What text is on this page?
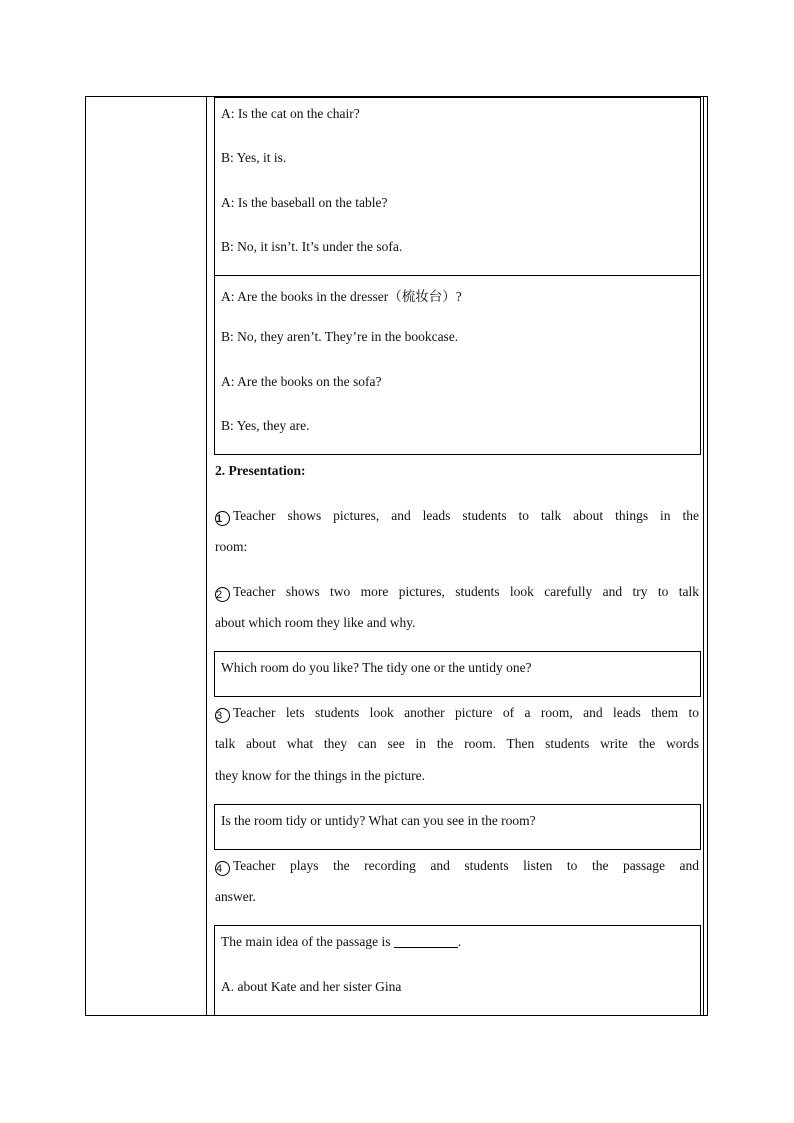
A: Is the cat on the chair?
B: Yes, it is.
A: Is the baseball on the table?
B: No, it isn’t. It’s under the sofa.
A: Are the books in the dresser（梳妆台）?
B: No, they aren’t. They’re in the bookcase.
A: Are the books on the sofa?
B: Yes, they are.
2. Presentation:
1 Teacher shows pictures, and leads students to talk about things in the
room:
2 Teacher shows two more pictures, students look carefully and try to talk
about which room they like and why.
Which room do you like? The tidy one or the untidy one?
3 Teacher lets students look another picture of a room, and leads them to
talk about what they can see in the room. Then students write the words
they know for the things in the picture.
Is the room tidy or untidy? What can you see in the room?
4 Teacher plays the recording and students listen to the passage and
answer.
The main idea of the passage is	.
A. about Kate and her sister Gina
